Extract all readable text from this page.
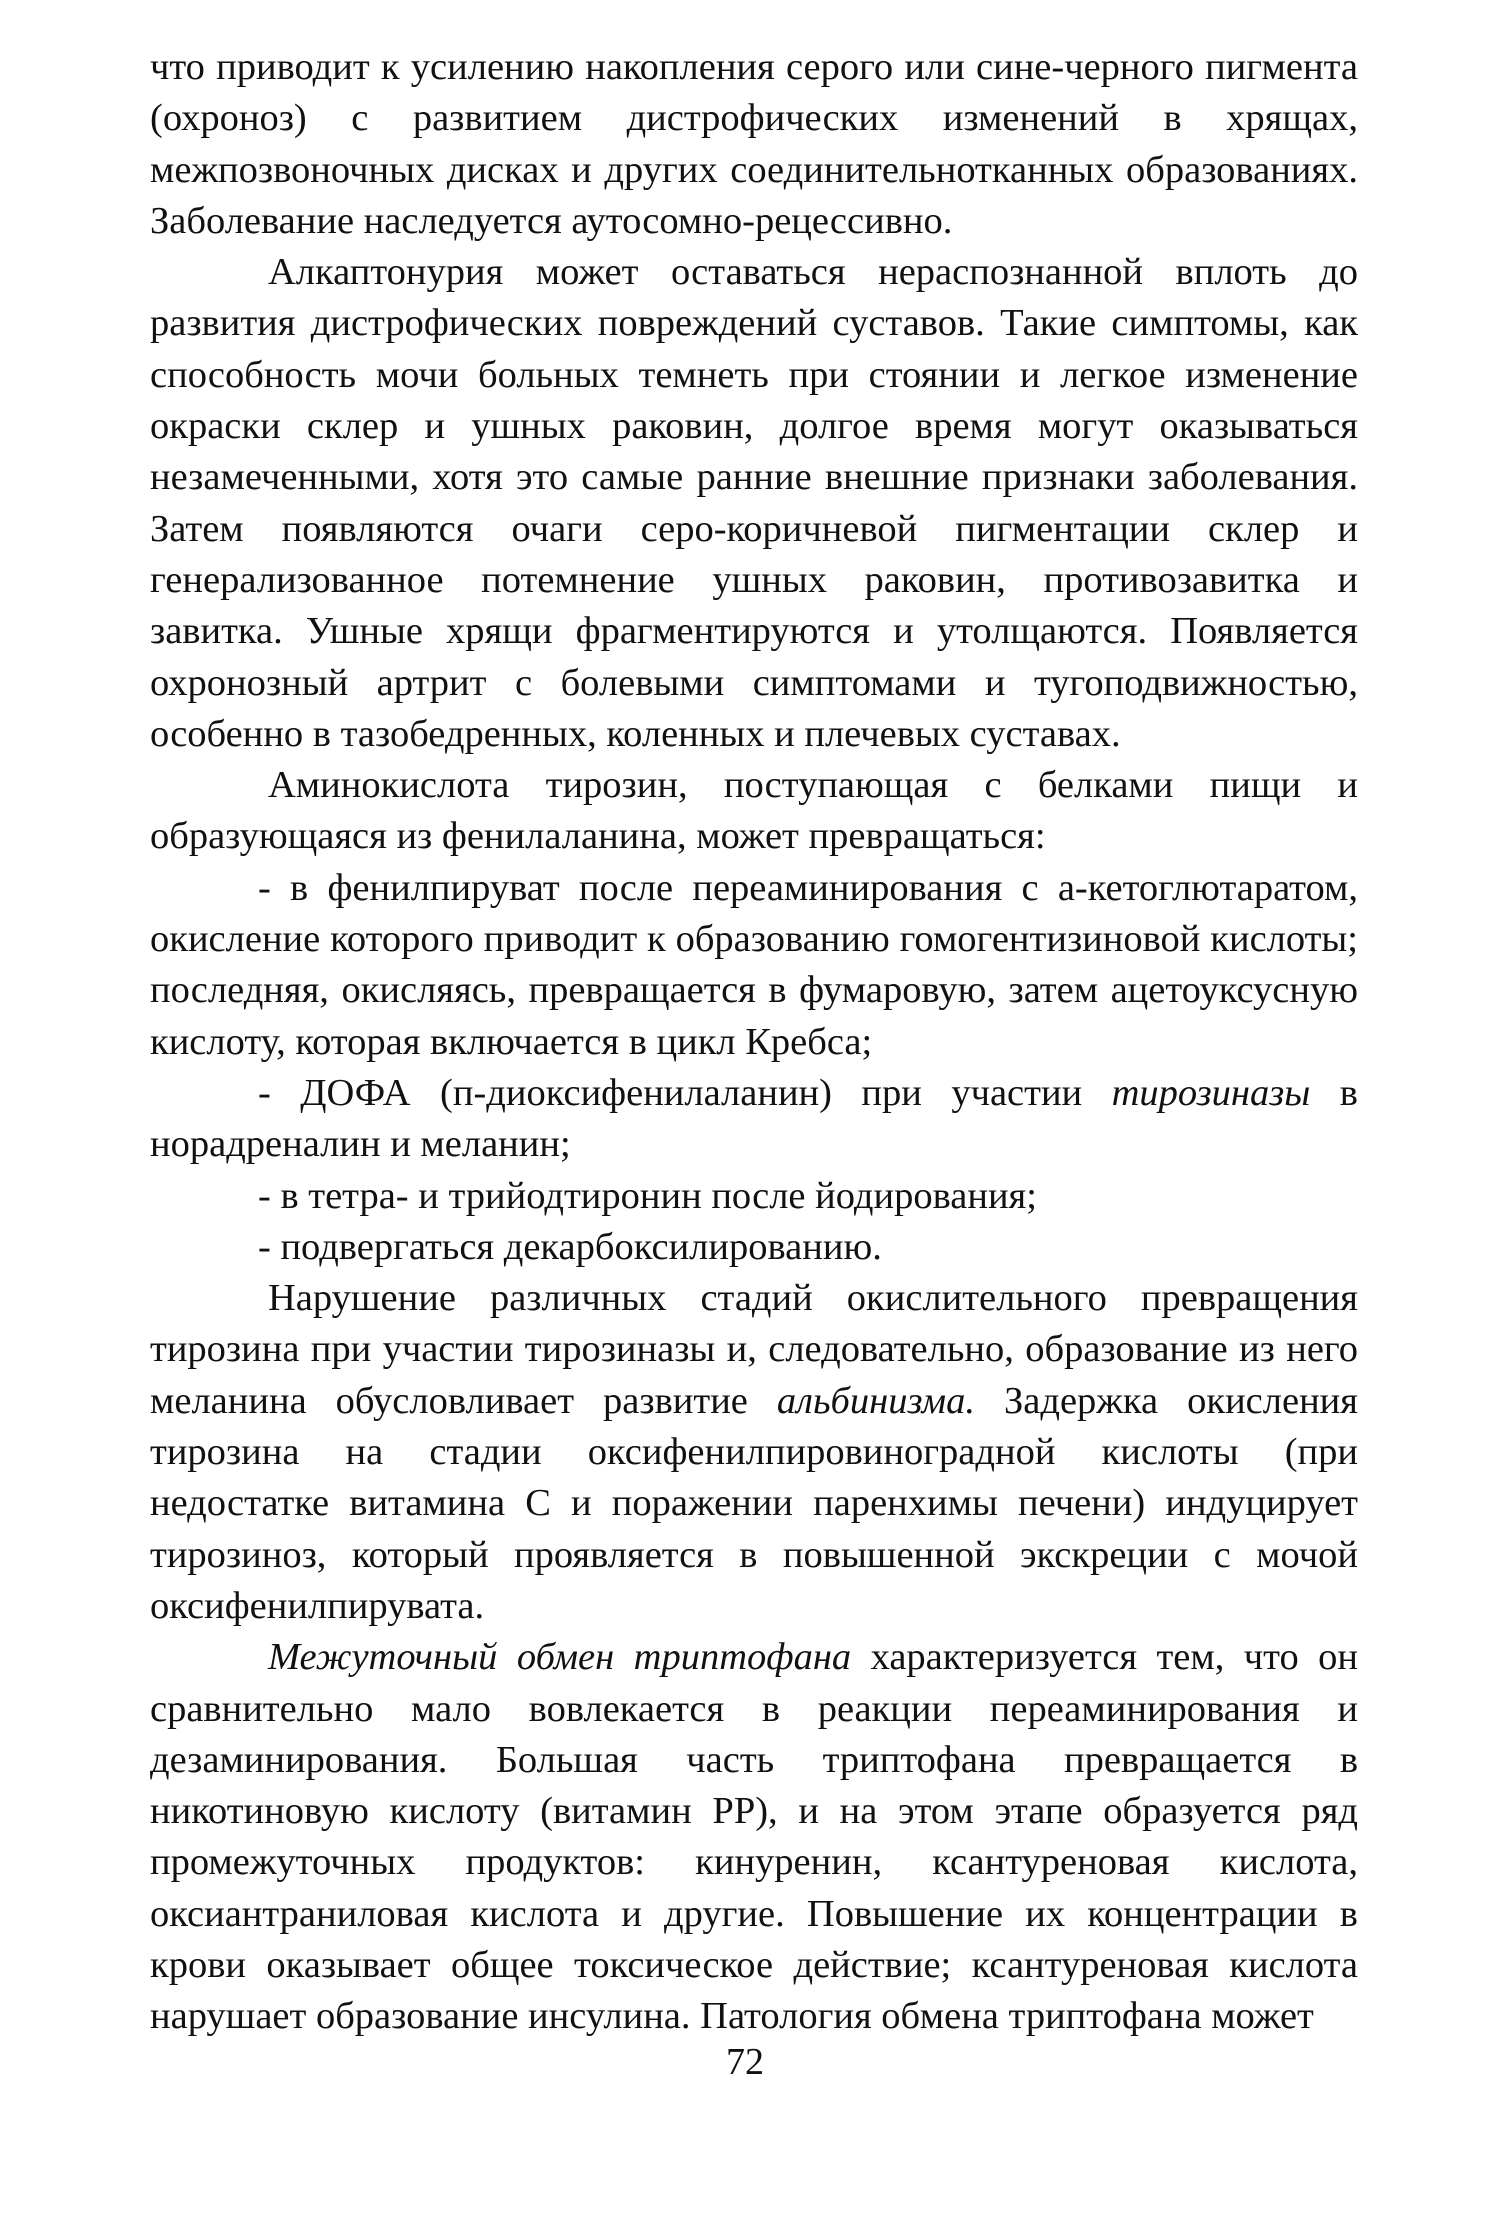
что приводит к усилению накопления серого или сине-черного пигмента (охроноз) с развитием дистрофических изменений в хрящах, межпозвоночных дисках и других соединительнотканных образованиях. Заболевание наследуется аутосомно-рецессивно.

Алкаптонурия может оставаться нераспознанной вплоть до развития дистрофических повреждений суставов. Такие симптомы, как способность мочи больных темнеть при стоянии и легкое изменение окраски склер и ушных раковин, долгое время могут оказываться незамеченными, хотя это самые ранние внешние признаки заболевания. Затем появляются очаги серо-коричневой пигментации склер и генерализованное потемнение ушных раковин, противозавитка и завитка. Ушные хрящи фрагментируются и утолщаются. Появляется охронозный артрит с болевыми симптомами и тугоподвижностью, особенно в тазобедренных, коленных и плечевых суставах.

Аминокислота тирозин, поступающая с белками пищи и образующаяся из фенилаланина, может превращаться:

- в фенилпируват после переаминирования с а-кетоглютаратом, окисление которого приводит к образованию гомогентизиновой кислоты; последняя, окисляясь, превращается в фумаровую, затем ацетоуксусную кислоту, которая включается в цикл Кребса;

- ДОФА (п-диоксифенилаланин) при участии тирозиназы в норадреналин и меланин;

- в тетра- и трийодтиронин после йодирования;

- подвергаться декарбоксилированию.

Нарушение различных стадий окислительного превращения тирозина при участии тирозиназы и, следовательно, образование из него меланина обусловливает развитие альбинизма. Задержка окисления тирозина на стадии оксифенилпировиноградной кислоты (при недостатке витамина С и поражении паренхимы печени) индуцирует тирозиноз, который проявляется в повышенной экскреции с мочой оксифенилпирувата.

Межуточный обмен триптофана характеризуется тем, что он сравнительно мало вовлекается в реакции переаминирования и дезаминирования. Большая часть триптофана превращается в никотиновую кислоту (витамин РР), и на этом этапе образуется ряд промежуточных продуктов: кинуренин, ксантуреновая кислота, оксиантраниловая кислота и другие. Повышение их концентрации в крови оказывает общее токсическое действие; ксантуреновая кислота нарушает образование инсулина. Патология обмена триптофана может

72
